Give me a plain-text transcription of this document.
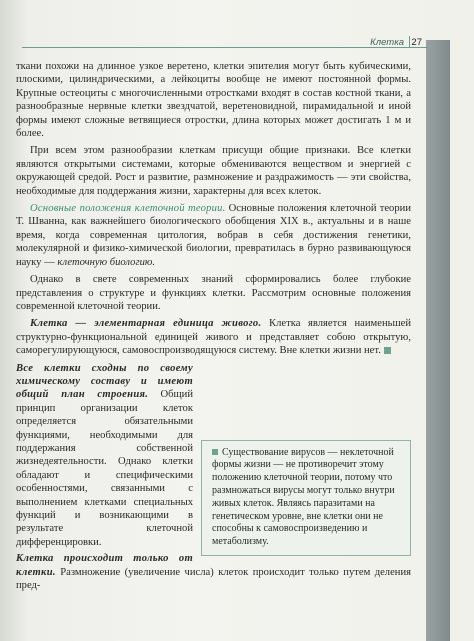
Клетка 27

ткани похожи на длинное узкое веретено, клетки эпителия могут быть кубическими, плоскими, цилиндрическими, а лейкоциты вообще не имеют постоянной формы. Крупные остеоциты с многочисленными отростками входят в состав костной ткани, а разнообразные нервные клетки звездчатой, веретеновидной, пирамидальной и иной формы имеют сложные ветвящиеся отростки, длина которых может достигать 1 м и более.

При всем этом разнообразии клеткам присущи общие признаки. Все клетки являются открытыми системами, которые обмениваются веществом и энергией с окружающей средой. Рост и развитие, размножение и раздражимость — эти свойства, необходимые для поддержания жизни, характерны для всех клеток.

Основные положения клеточной теории. Основные положения клеточной теории Т. Шванна, как важнейшего биологического обобщения XIX в., актуальны и в наше время, когда современная цитология, вобрав в себя достижения генетики, молекулярной и физико-химической биологии, превратилась в бурно развивающуюся науку — клеточную биологию.

Однако в свете современных знаний сформировались более глубокие представления о структуре и функциях клетки. Рассмотрим основные положения современной клеточной теории.

Клетка — элементарная единица живого. Клетка является наименьшей структурно-функциональной единицей живого и представляет собою открытую, саморегулирующуюся, самовоспроизводящуюся систему. Вне клетки жизни нет.

Существование вирусов — неклеточной формы жизни — не противоречит этому положению клеточной теории, потому что размножаться вирусы могут только внутри живых клеток. Являясь паразитами на генетическом уровне, вне клетки они не способны к самовоспроизведению и метаболизму.

Все клетки сходны по своему химическому составу и имеют общий план строения. Общий принцип организации клеток определяется обязательными функциями, необходимыми для поддержания собственной жизнедеятельности. Однако клетки обладают и специфическими особенностями, связанными с выполнением клетками специальных функций и возникающими в результате клеточной дифференцировки.

Клетка происходит только от клетки. Размножение (увеличение числа) клеток происходит только путем деления пред-
